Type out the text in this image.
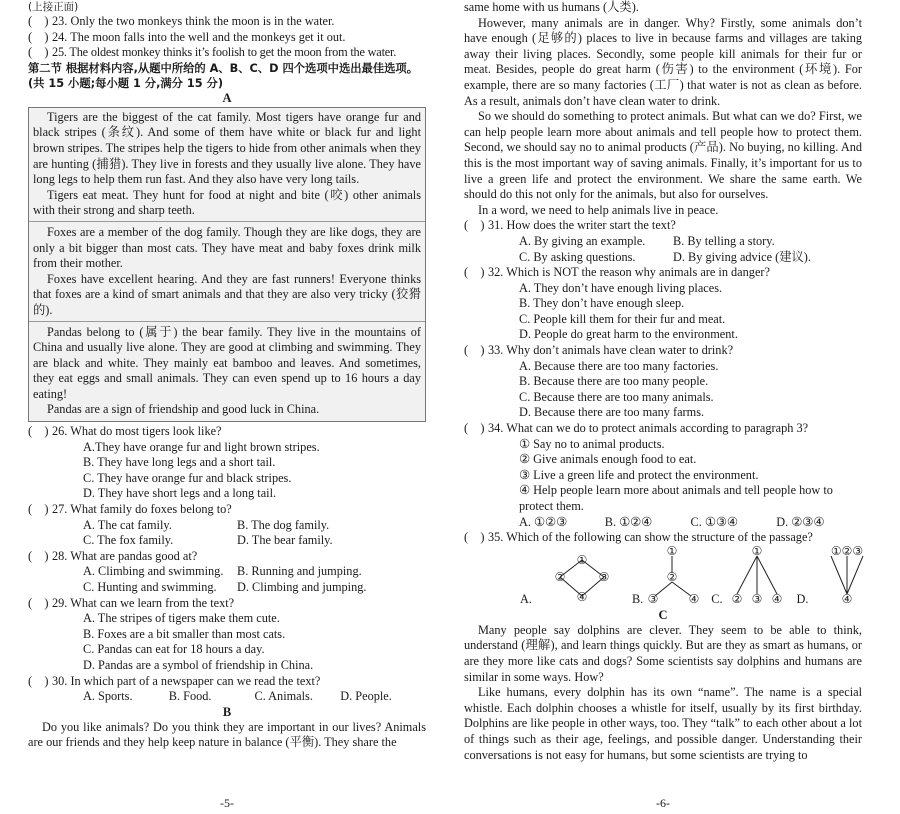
(上接正面)
(    ) 23. Only the two monkeys think the moon is in the water.
(    ) 24. The moon falls into the well and the monkeys get it out.
(    ) 25. The oldest monkey thinks it’s foolish to get the moon from the water.
第二节 根据材料内容,从题中所给的 A、B、C、D 四个选项中选出最佳选项。(共 15 小题;每小题 1 分,满分 15 分)
A
Tigers are the biggest of the cat family. Most tigers have orange fur and black stripes (条纹). And some of them have white or black fur and light brown stripes. The stripes help the tigers to hide from other animals when they are hunting (捕猎). They live in forests and they usually live alone. They have long legs to help them run fast. And they also have very long tails.
Tigers eat meat. They hunt for food at night and bite (咬) other animals with their strong and sharp teeth.
Foxes are a member of the dog family. Though they are like dogs, they are only a bit bigger than most cats. They have meat and baby foxes drink milk from their mother.
Foxes have excellent hearing. And they are fast runners! Everyone thinks that foxes are a kind of smart animals and that they are also very tricky (狡猾的).
Pandas belong to (属于) the bear family. They live in the mountains of China and usually live alone. They are good at climbing and swimming. They are black and white. They mainly eat bamboo and leaves. And sometimes, they eat eggs and small animals. They can even spend up to 16 hours a day eating!
Pandas are a sign of friendship and good luck in China.
(    ) 26. What do most tigers look like?
A.They have orange fur and light brown stripes.
B. They have long legs and a short tail.
C. They have orange fur and black stripes.
D. They have short legs and a long tail.
(    ) 27. What family do foxes belong to?
A. The cat family.	B. The dog family.
C. The fox family.	D. The bear family.
(    ) 28. What are pandas good at?
A. Climbing and swimming.	B. Running and jumping.
C. Hunting and swimming.	D. Climbing and jumping.
(    ) 29. What can we learn from the text?
A. The stripes of tigers make them cute.
B. Foxes are a bit smaller than most cats.
C. Pandas can eat for 18 hours a day.
D. Pandas are a symbol of friendship in China.
(    ) 30. In which part of a newspaper can we read the text?
A. Sports.	B. Food.	C. Animals.	D. People.
B
Do you like animals? Do you think they are important in our lives? Animals are our friends and they help keep nature in balance (平衡). They share the
-5-
same home with us humans (人类).
However, many animals are in danger. Why? Firstly, some animals don’t have enough (足够的) places to live in because farms and villages are taking away their living places. Secondly, some people kill animals for their fur or meat. Besides, people do great harm (伤害) to the environment (环境). For example, there are so many factories (工厂) that water is not as clean as before. As a result, animals don’t have clean water to drink.
So we should do something to protect animals. But what can we do? First, we can help people learn more about animals and tell people how to protect them. Second, we should say no to animal products (产品). No buying, no killing. And this is the most important way of saving animals. Finally, it’s important for us to live a green life and protect the environment. We share the same earth. We should do this not only for the animals, but also for ourselves.
In a word, we need to help animals live in peace.
(    ) 31. How does the writer start the text?
A. By giving an example.	B. By telling a story.
C. By asking questions.	D. By giving advice (建议).
(    ) 32. Which is NOT the reason why animals are in danger?
A. They don’t have enough living places.
B. They don’t have enough sleep.
C. People kill them for their fur and meat.
D. People do great harm to the environment.
(    ) 33. Why don’t animals have clean water to drink?
A. Because there are too many factories.
B. Because there are too many people.
C. Because there are too many animals.
D. Because there are too many farms.
(    ) 34. What can we do to protect animals according to paragraph 3?
① Say no to animal products.
② Give animals enough food to eat.
③ Live a green life and protect the environment.
④ Help people learn more about animals and tell people how to protect them.
A. ①②③	B. ①②④	C. ①③④	D. ②③④
(    ) 35. Which of the following can show the structure of the passage?
A.
①
②	③
④	B.
①
②
③	④ C.
①
② ③ ④ D.
①②③
④
C
Many people say dolphins are clever. They seem to be able to think, understand (理解), and learn things quickly. But are they as smart as humans, or are they more like cats and dogs? Some scientists say dolphins and humans are similar in some ways. How?
Like humans, every dolphin has its own “name”. The name is a special whistle. Each dolphin chooses a whistle for itself, usually by its first birthday. Dolphins are like people in other ways, too. They “talk” to each other about a lot of things such as their age, feelings, and possible danger. Understanding their conversations is not easy for humans, but some scientists are trying to
-6-
